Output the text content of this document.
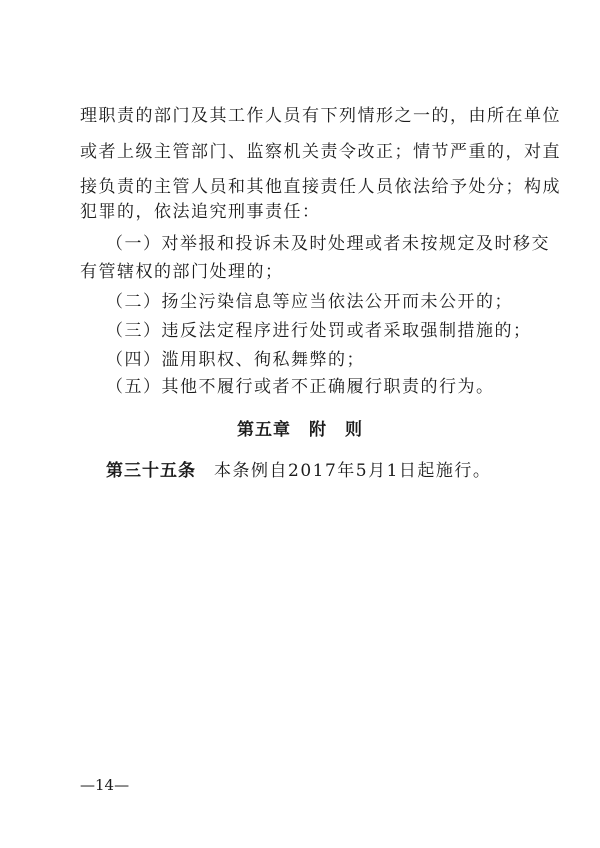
理职责的部门及其工作人员有下列情形之一的，由所在单位
或者上级主管部门、监察机关责令改正；情节严重的，对直
接负责的主管人员和其他直接责任人员依法给予处分；构成
犯罪的，依法追究刑事责任：
（一）对举报和投诉未及时处理或者未按规定及时移交
有管辖权的部门处理的；
（二）扬尘污染信息等应当依法公开而未公开的；
（三）违反法定程序进行处罚或者采取强制措施的；
（四）滥用职权、徇私舞弊的；
（五）其他不履行或者不正确履行职责的行为。
第五章　附　则
第三十五条 本条例自2017年5月1日起施行。
—14—
